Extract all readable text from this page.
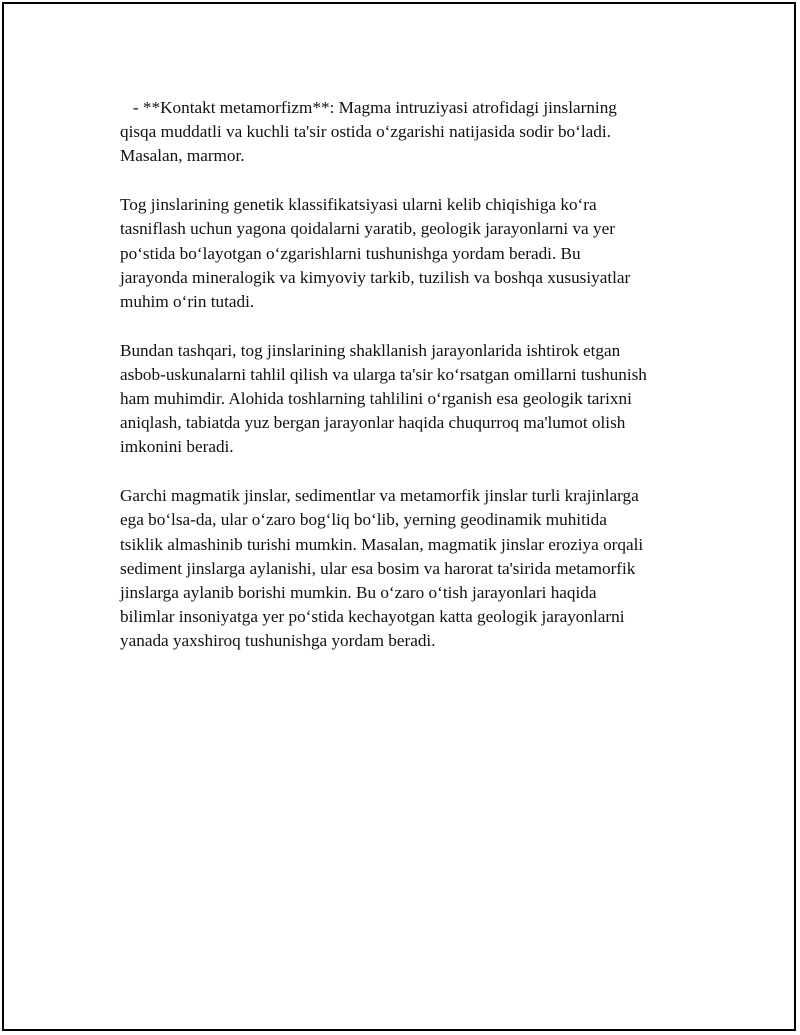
- **Kontakt metamorfizm**: Magma intruziyasi atrofidagi jinslarning
qisqa muddatli va kuchli ta'sir ostida o‘zgarishi natijasida sodir bo‘ladi.
Masalan, marmor.

Tog jinslarining genetik klassifikatsiyasi ularni kelib chiqishiga ko‘ra
tasniflash uchun yagona qoidalarni yaratib, geologik jarayonlarni va yer
po‘stida bo‘layotgan o‘zgarishlarni tushunishga yordam beradi. Bu
jarayonda mineralogik va kimyoviy tarkib, tuzilish va boshqa xususiyatlar
muhim o‘rin tutadi.

Bundan tashqari, tog jinslarining shakllanish jarayonlarida ishtirok etgan
asbob-uskunalarni tahlil qilish va ularga ta'sir ko‘rsatgan omillarni tushunish
ham muhimdir. Alohida toshlarning tahlilini o‘rganish esa geologik tarixni
aniqlash, tabiatda yuz bergan jarayonlar haqida chuqurroq ma'lumot olish
imkonini beradi.

Garchi magmatik jinslar, sedimentlar va metamorfik jinslar turli krajinlarga
ega bo‘lsa-da, ular o‘zaro bog‘liq bo‘lib, yerning geodinamik muhitida
tsiklik almashinib turishi mumkin. Masalan, magmatik jinslar eroziya orqali
sediment jinslarga aylanishi, ular esa bosim va harorat ta'sirida metamorfik
jinslarga aylanib borishi mumkin. Bu o‘zaro o‘tish jarayonlari haqida
bilimlar insoniyatga yer po‘stida kechayotgan katta geologik jarayonlarni
yanada yaxshiroq tushunishga yordam beradi.
